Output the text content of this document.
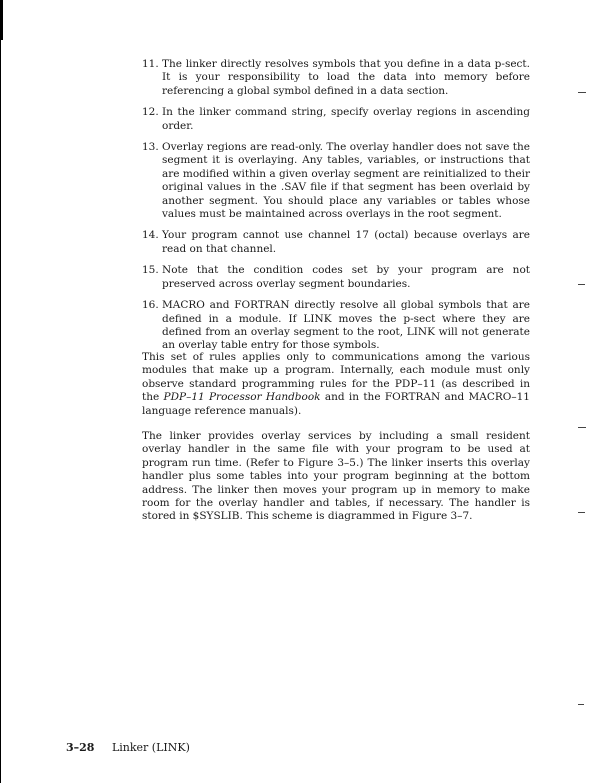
11. The linker directly resolves symbols that you define in a data p-sect. It is your responsibility to load the data into memory before referencing a global symbol defined in a data section.
12. In the linker command string, specify overlay regions in ascending order.
13. Overlay regions are read-only. The overlay handler does not save the segment it is overlaying. Any tables, variables, or instructions that are modified within a given overlay segment are reinitialized to their original values in the .SAV file if that segment has been overlaid by another segment. You should place any variables or tables whose values must be maintained across overlays in the root segment.
14. Your program cannot use channel 17 (octal) because overlays are read on that channel.
15. Note that the condition codes set by your program are not preserved across overlay segment boundaries.
16. MACRO and FORTRAN directly resolve all global symbols that are defined in a module. If LINK moves the p-sect where they are defined from an overlay segment to the root, LINK will not generate an overlay table entry for those symbols.

This set of rules applies only to communications among the various modules that make up a program. Internally, each module must only observe standard programming rules for the PDP–11 (as described in the PDP–11 Processor Handbook and in the FORTRAN and MACRO–11 language reference manuals).

The linker provides overlay services by including a small resident overlay handler in the same file with your program to be used at program run time. (Refer to Figure 3–5.) The linker inserts this overlay handler plus some tables into your program beginning at the bottom address. The linker then moves your program up in memory to make room for the overlay handler and tables, if necessary. The handler is stored in $SYSLIB. This scheme is diagrammed in Figure 3–7.

3–28 Linker (LINK)
